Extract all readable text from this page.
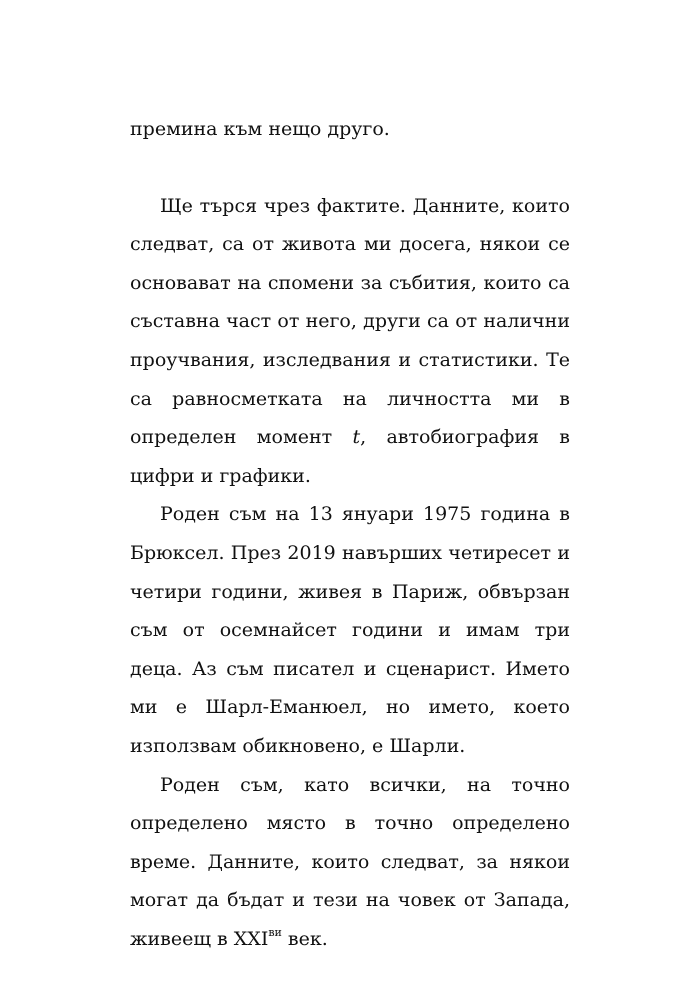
премина към нещо друго.

Ще търся чрез фактите. Данните, които следват, са от живота ми досега, някои се основават на спомени за събития, които са съставна част от него, други са от налични проучвания, изследвания и статистики. Те са равносметката на личността ми в определен момент t, автобиография в цифри и графики.

Роден съм на 13 януари 1975 година в Брюксел. През 2019 навърших четиресет и четири години, живея в Париж, обвързан съм от осемнайсет години и имам три деца. Аз съм писател и сценарист. Името ми е Шарл-Еманюел, но името, което използвам обикновено, е Шарли.

Роден съм, като всички, на точно определено място в точно определено време. Данните, които следват, за някои могат да бъдат и тези на човек от Запада, живеещ в $XXI^{ви}$ век.
